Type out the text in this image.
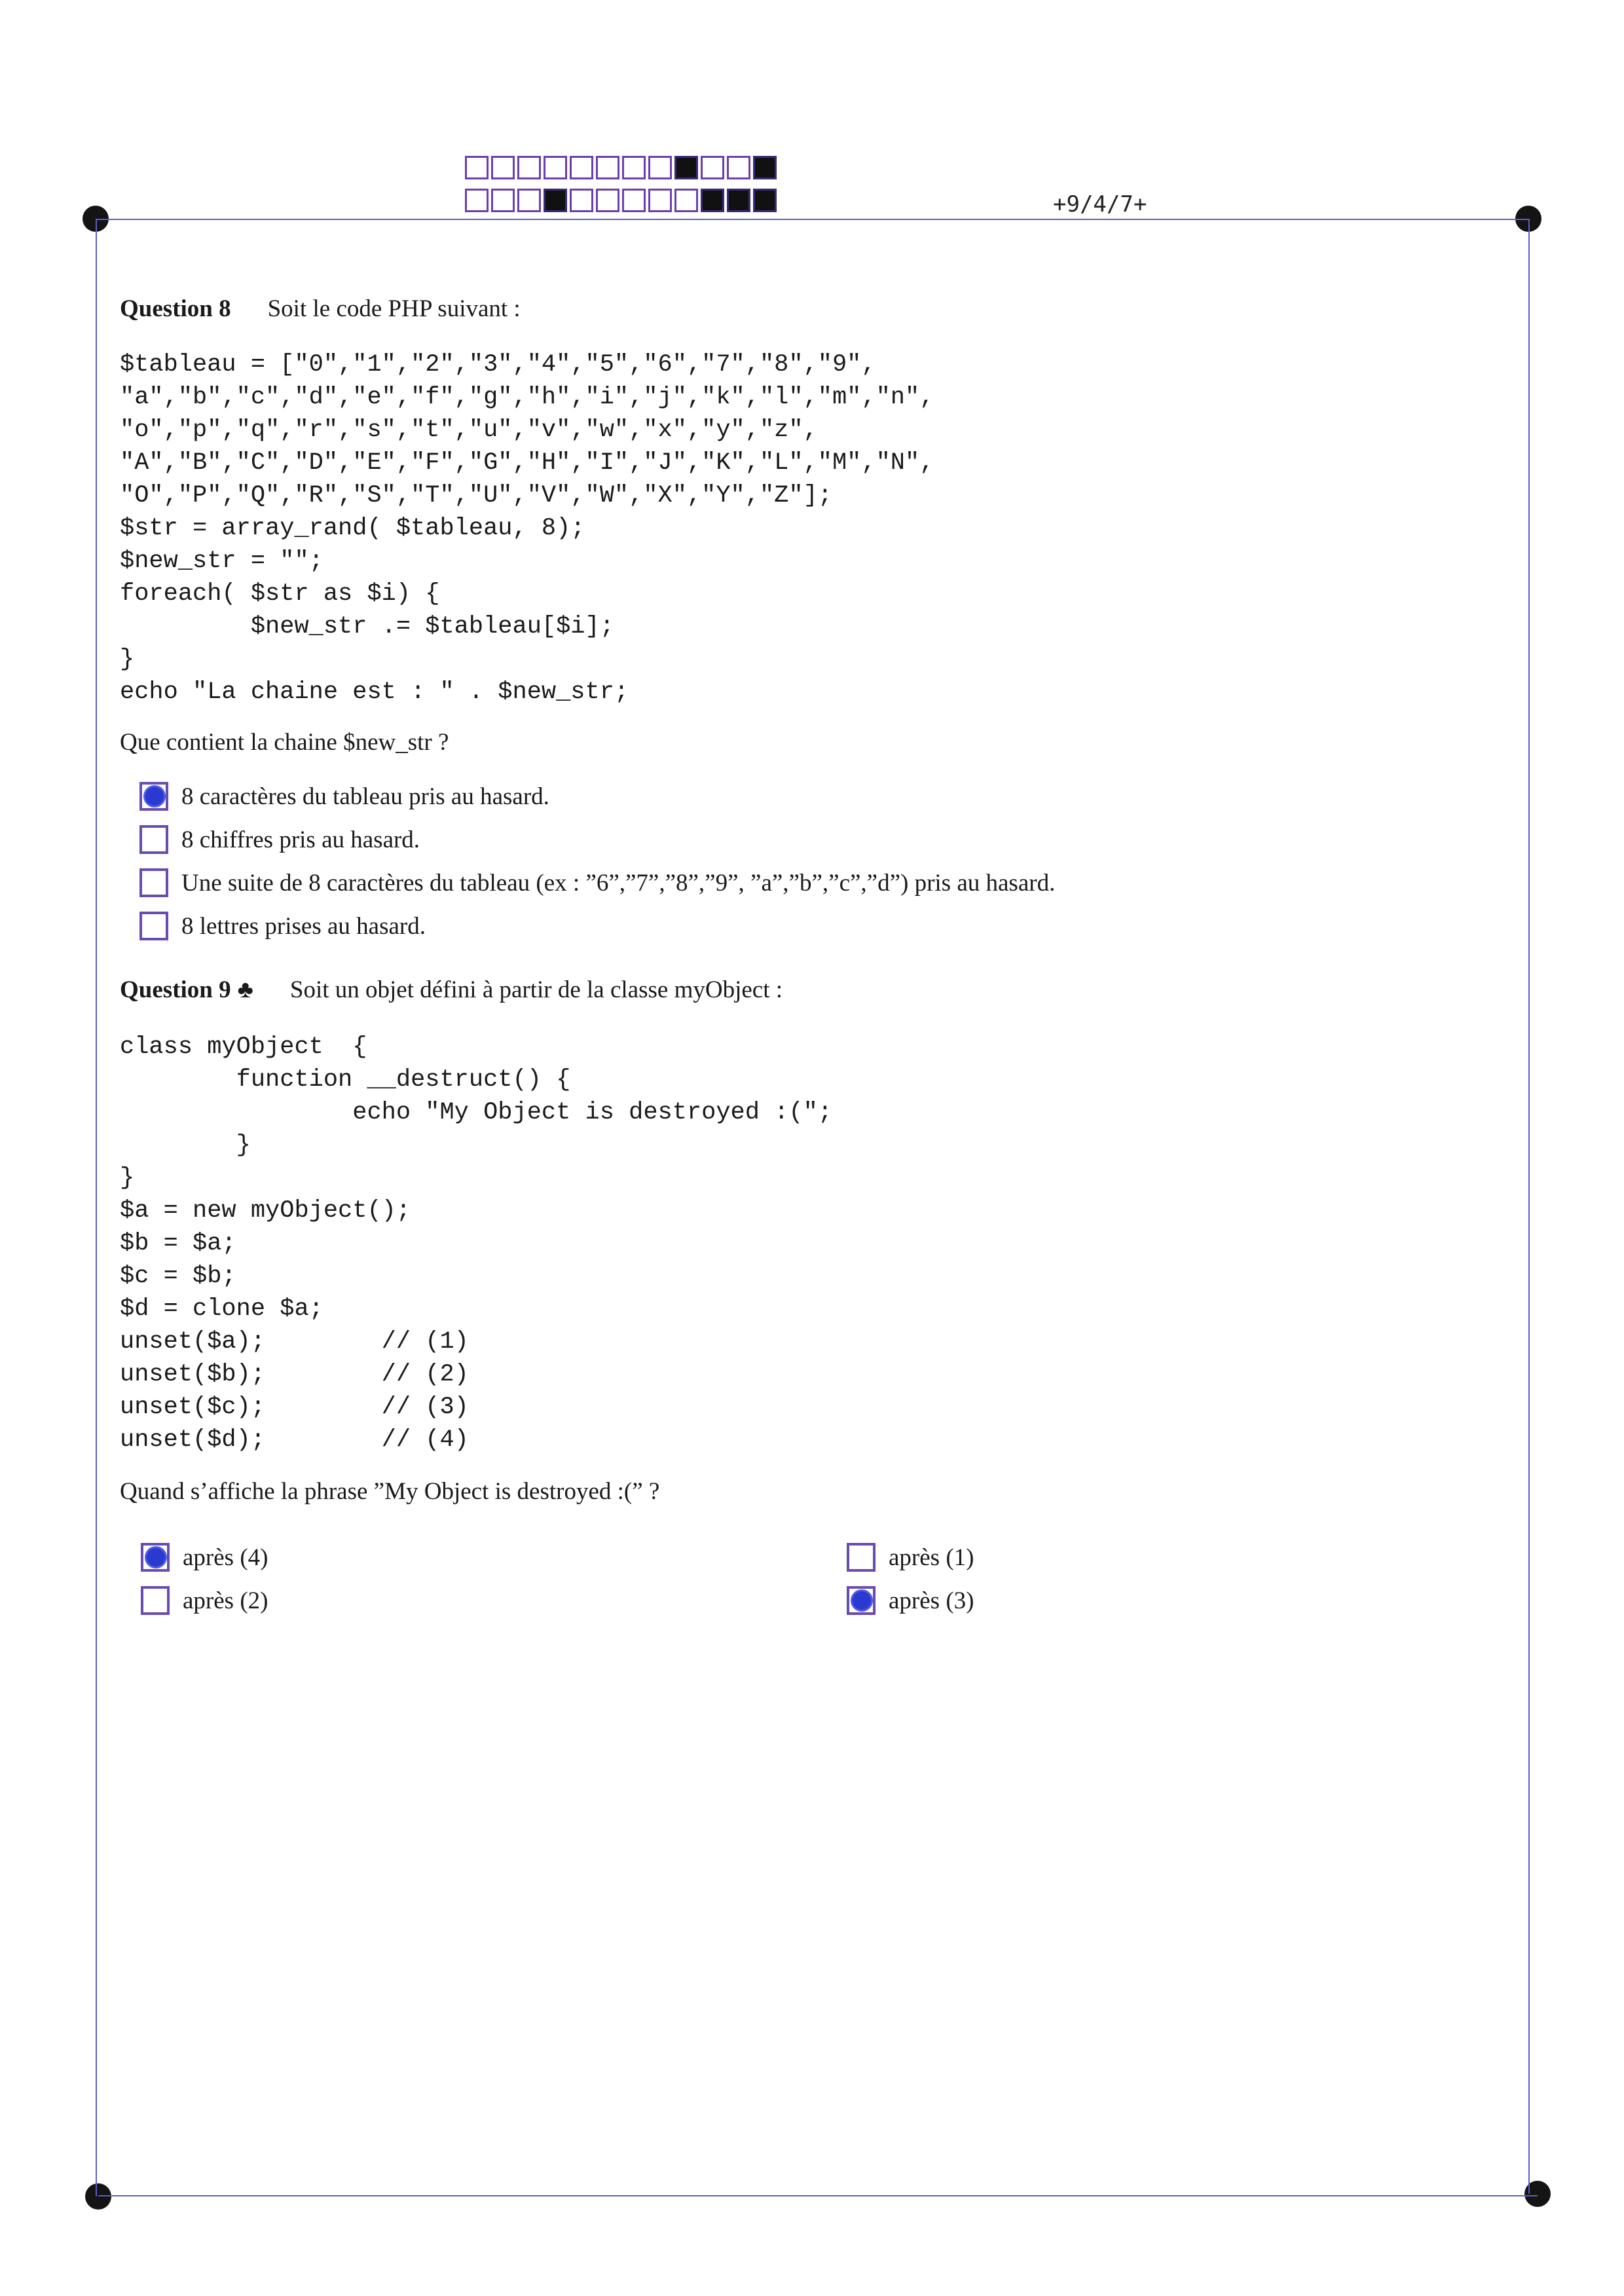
+9/4/7+
Question 8 Soit le code PHP suivant :
$tableau = ["0","1","2","3","4","5","6","7","8","9",
"a","b","c","d","e","f","g","h","i","j","k","l","m","n",
"o","p","q","r","s","t","u","v","w","x","y","z",
"A","B","C","D","E","F","G","H","I","J","K","L","M","N",
"O","P","Q","R","S","T","U","V","W","X","Y","Z"];
$str = array_rand( $tableau, 8);
$new_str = "";
foreach( $str as $i) {
$new_str .= $tableau[$i];
}
echo "La chaine est : " . $new_str;
Que contient la chaine $new_str ?
8 caractères du tableau pris au hasard.
8 chiffres pris au hasard.
Une suite de 8 caractères du tableau (ex : ”6”,”7”,”8”,”9”, ”a”,”b”,”c”,”d”) pris au hasard.
8 lettres prises au hasard.
Question 9 ♣ Soit un objet défini à partir de la classe myObject :
class myObject  {
function __destruct() {
echo "My Object is destroyed :(";
}
}
$a = new myObject();
$b = $a;
$c = $b;
$d = clone $a;
unset($a);        // (1)
unset($b);        // (2)
unset($c);        // (3)
unset($d);        // (4)
Quand s’affiche la phrase ”My Object is destroyed :(” ?
après (4)	après (1)
après (2)	après (3)
